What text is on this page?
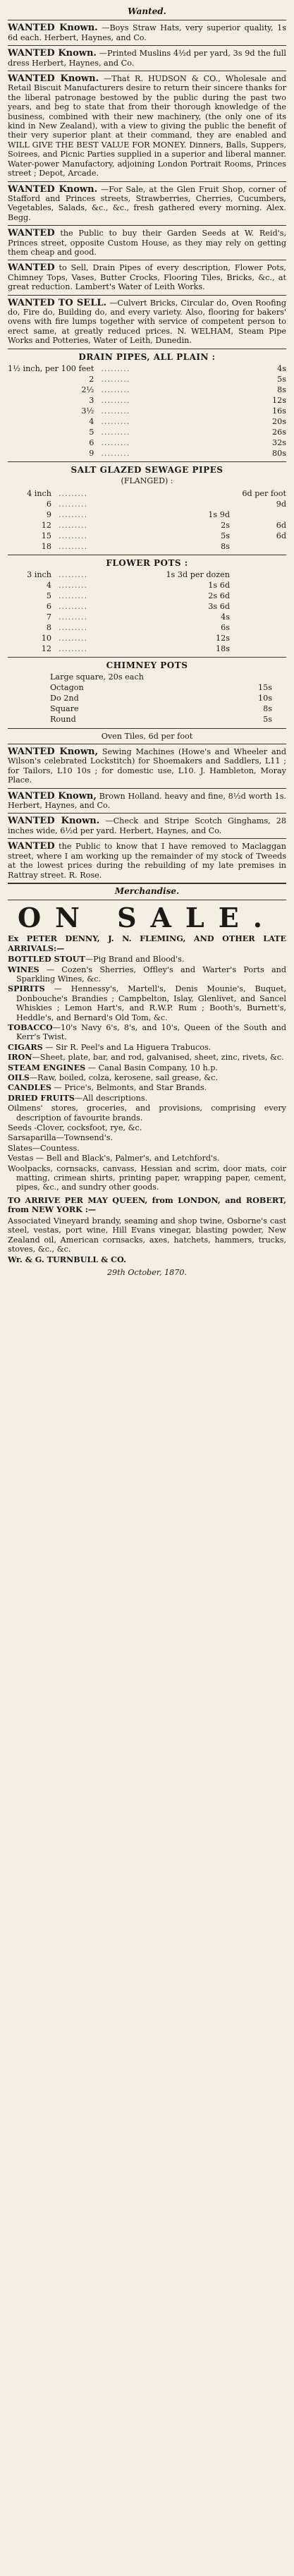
Wanted.
WANTED Known. —Boys Straw Hats, very superior quality, 1s 6d each. Herbert, Haynes, and Co.
WANTED Known. —Printed Muslins 4½d per yard, 3s 9d the full dress Herbert, Haynes, and Co.
WANTED Known. —That R. HUDSON & CO., Wholesale and Retail Biscuit Manufacturers desire to return their sincere thanks for the liberal patronage bestowed by the public during the past two years, and beg to state that from their thorough knowledge of the business, combined with their new machinery, (the only one of its kind in New Zealand), with a view to giving the public the benefit of their very superior plant at their command, they are enabled and WILL GIVE THE BEST VALUE FOR MONEY. Dinners, Balls, Suppers, Soirees, and Picnic Parties supplied in a superior and liberal manner. Water-power Manufactory, adjoining London Portrait Rooms, Princes street ; Depot, Arcade.
WANTED Known. —For Sale, at the Glen Fruit Shop, corner of Stafford and Princes streets, Strawberries, Cherries, Cucumbers, Vegetables, Salads, &c., &c., fresh gathered every morning. Alex. Begg.
WANTED the Public to buy their Garden Seeds at W. Reid's, Princes street, opposite Custom House, as they may rely on getting them cheap and good.
WANTED to Sell, Drain Pipes of every description, Flower Pots, Chimney Tops, Vases, Butter Crocks, Flooring Tiles, Bricks, &c., at great reduction. Lambert's Water of Leith Works.
WANTED TO SELL. —Culvert Bricks, Circular do, Oven Roofing do, Fire do, Building do, and every variety. Also, flooring for bakers' ovens with fire lumps together with service of competent person to erect same, at greatly reduced prices. N. WELHAM, Steam Pipe Works and Potteries, Water of Leith, Dunedin.
DRAIN PIPES, ALL PLAIN :
1½ inch, per 100 feet	.........	4s
2	.........	5s
2½	.........	8s
3	.........	12s
3½	.........	16s
4	.........	20s
5	.........	26s
6	.........	32s
9	.........	80s
SALT GLAZED SEWAGE PIPES
(FLANGED) :
4 inch	.........		6d per foot
6	.........		9d
9	.........	1s 9d	
12	.........	2s	6d
15	.........	5s	6d
18	.........	8s	
FLOWER POTS :
3 inch	.........	1s 3d per dozen	
4	.........	1s 6d	
5	.........	2s 6d	
6	.........	3s 6d	
7	.........	4s	
8	.........	6s	
10	.........	12s	
12	.........	18s	
CHIMNEY POTS
Large square, 20s each
Octagon	15s
Do 2nd	10s
Square	8s
Round	5s
Oven Tiles, 6d per foot
WANTED Known, Sewing Machines (Howe's and Wheeler and Wilson's celebrated Lockstitch) for Shoemakers and Saddlers, L11 ; for Tailors, L10 10s ; for domestic use, L10. J. Hambleton, Moray Place.
WANTED Known, Brown Holland. heavy and fine, 8½d worth 1s. Herbert, Haynes, and Co.
WANTED Known. —Check and Stripe Scotch Ginghams, 28 inches wide, 6½d per yard. Herbert, Haynes, and Co.
WANTED the Public to know that I have removed to Maclaggan street, where I am working up the remainder of my stock of Tweeds at the lowest prices during the rebuilding of my late premises in Rattray street. R. Rose.
Merchandise.
ON SALE.
Ex PETER DENNY, J. N. FLEMING, AND OTHER LATE ARRIVALS:—
BOTTLED STOUT—Pig Brand and Blood's.
WINES — Cozen's Sherries, Offley's and Warter's Ports and Sparkling Wines, &c.
SPIRITS — Hennessy's, Martell's, Denis Mounie's, Buquet, Donbouche's Brandies ; Campbelton, Islay, Glenlivet, and Sancel Whiskies ; Lemon Hart's, and R.W.P. Rum ; Booth's, Burnett's, Heddle's, and Bernard's Old Tom, &c.
TOBACCO—10's Navy 6's, 8's, and 10's, Queen of the South and Kerr's Twist.
CIGARS — Sir R. Peel's and La Higuera Trabucos.
IRON—Sheet, plate, bar, and rod, galvanised, sheet, zinc, rivets, &c.
STEAM ENGINES — Canal Basin Company, 10 h.p.
OILS—Raw, boiled, colza, kerosene, sail grease, &c.
CANDLES — Price's, Belmonts, and Star Brands.
DRIED FRUITS—All descriptions.
Oilmens' stores, groceries, and provisions, comprising every description of favourite brands.
Seeds -Clover, cocksfoot, rye, &c.
Sarsaparilla—Townsend's.
Slates—Countess.
Vestas — Bell and Black's, Palmer's, and Letchford's.
Woolpacks, cornsacks, canvass, Hessian and scrim, door mats, coir matting, crimean shirts, printing paper, wrapping paper, cement, pipes, &c., and sundry other goods.
TO ARRIVE PER MAY QUEEN, from LONDON, and ROBERT, from NEW YORK :—
Associated Vineyard brandy, seaming and shop twine, Osborne's cast steel, vestas, port wine, Hill Evans vinegar, blasting powder, New Zealand oil, American cornsacks, axes, hatchets, hammers, trucks, stoves, &c., &c.
Wr. & G. TURNBULL & CO.
29th October, 1870.
